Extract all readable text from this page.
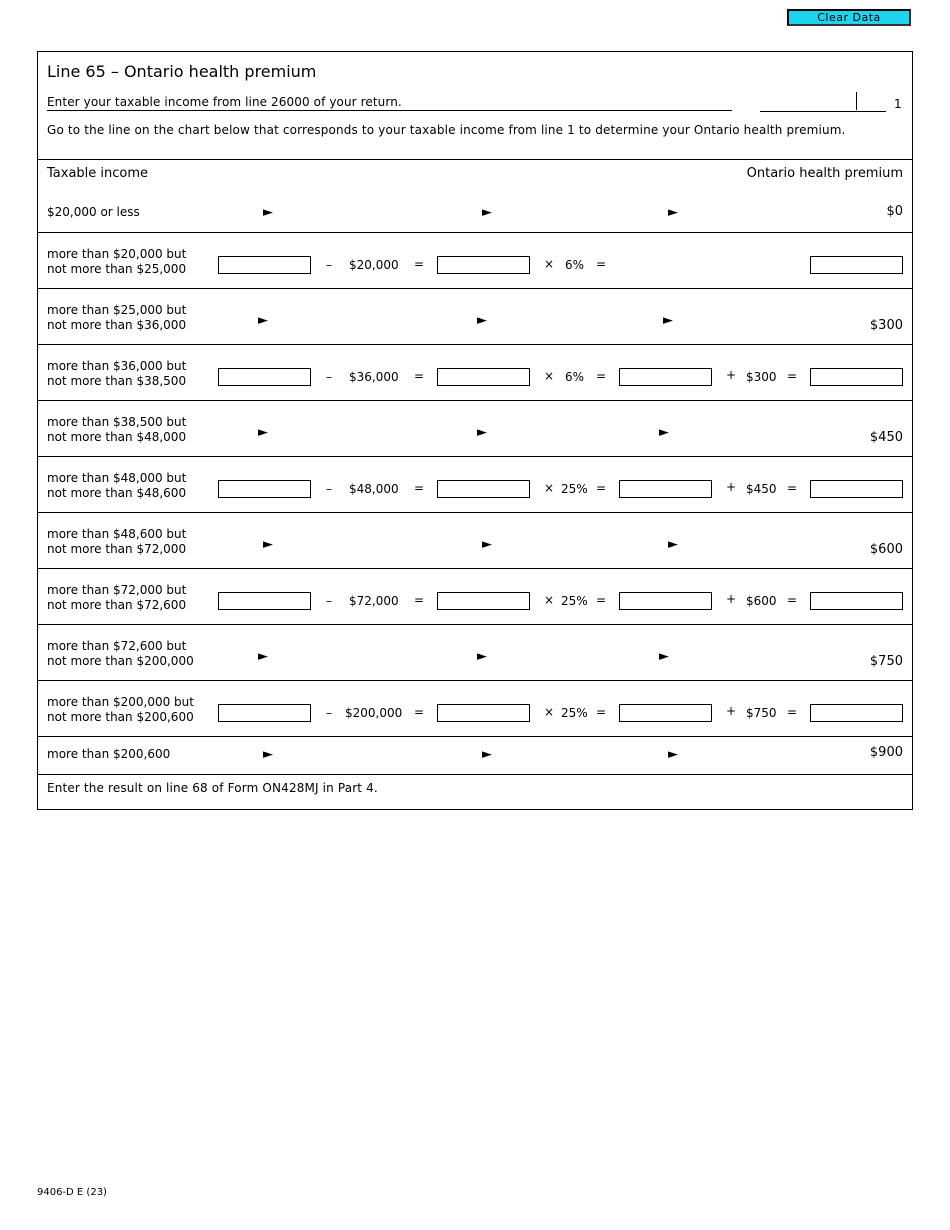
Clear Data
Line 65 – Ontario health premium
Enter your taxable income from line 26000 of your return.	1
Go to the line on the chart below that corresponds to your taxable income from line 1 to determine your Ontario health premium.
Taxable income	Ontario health premium
$20,000 or less	►	►	►	$0
more than $20,000 but
not more than $25,000	– $20,000 =	× 6% =
more than $25,000 but
not more than $36,000	►	►	►	$300
more than $36,000 but
not more than $38,500	– $36,000 =	× 6% =	+ $300 =
more than $38,500 but
not more than $48,000	►	►	►	$450
more than $48,000 but
not more than $48,600	– $48,000 =	× 25% =	+ $450 =
more than $48,600 but
not more than $72,000	►	►	►	$600
more than $72,000 but
not more than $72,600	– $72,000 =	× 25% =	+ $600 =
more than $72,600 but
not more than $200,000	►	►	►	$750
more than $200,000 but
not more than $200,600	– $200,000 =	× 25% =	+ $750 =
more than $200,600	►	►	►	$900
Enter the result on line 68 of Form ON428MJ in Part 4.
9406-D E (23)
